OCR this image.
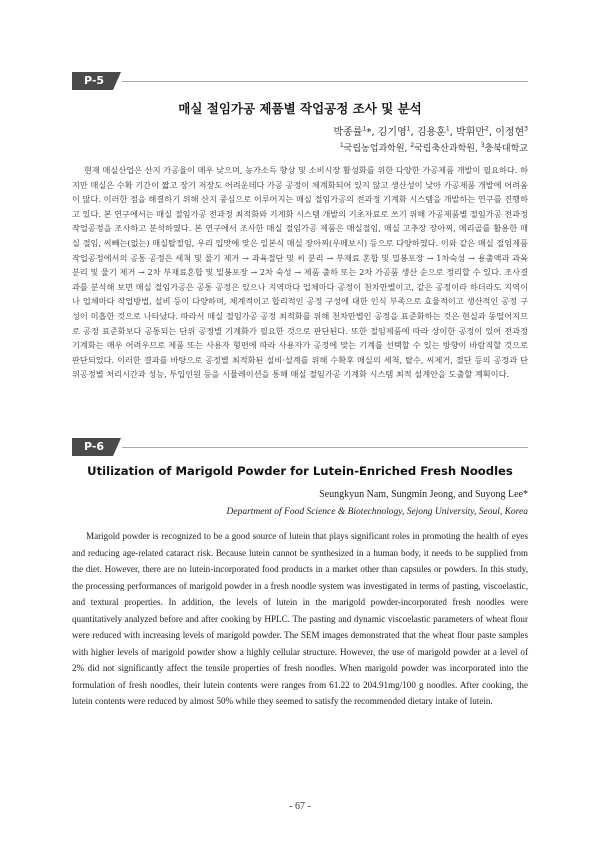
P-5
매실 절임가공 제품별 작업공정 조사 및 분석
박종률$^1$*, 김기영$^1$, 김용훈$^1$, 박휘만$^2$, 이정현$^3$
$^1$국립농업과학원, $^2$국립축산과학원, $^3$충북대학교

현재 매실산업은 산지 가공율이 매우 낮으며, 농가소득 향상 및 소비시장 활성화를 위한 다양한 가공제품 개발이 필요하다. 하지만 매실은 수확 기간이 짧고 장기 저장도 어려운데다 가공 공정이 체계화되어 있지 않고 생산성이 낮아 가공제품 개발에 어려움이 많다. 이러한 점을 해결하기 위해 산지 중심으로 이루어지는 매실 절임가공의 전과정 기계화 시스템을 개발하는 연구를 진행하고 있다. 본 연구에서는 매실 절임가공 전과정 최적화와 기계화 시스템 개발의 기초자료로 쓰기 위해 가공제품별 절임가공 전과정 작업공정을 조사하고 분석하였다. 본 연구에서 조사한 매실 절임가공 제품은 매실절임, 매실 고추장 장아찌, 메리골를 활용한 매실 절임, 씨빼는(없는) 매실탈절임, 우리 입맛에 맞은 일본식 매실 장아찌(우메보시) 등으로 다양하였다. 이와 같은 매실 절임제품 작업공정에서의 공통 공정은 세척 및 물기 제거 → 과육절단 및 씨 분리 → 부재료 혼합 및 밀봉포장 → 1차숙성 → 용출액과 과육분리 및 물기 제거 → 2차 부재료혼합 및 밀봉포장 → 2차 숙성 → 제품 출하 또는 2차 가공품 생산 순으로 정리할 수 있다. 조사결과를 분석해 보면 매실 절임가공은 공통 공정은 있으나 지역마다 업체마다 공정이 천차만별이고, 같은 공정이라 하더라도 지역이나 업체마다 작업방법, 설비 등이 다양하며, 체계적이고 합리적인 공정 구성에 대한 인식 부족으로 효율적이고 생산적인 공정 구성이 미흡한 것으로 나타났다. 따라서 매실 절임가공 공정 최적화를 위해 천차만별인 공정을 표준화하는 것은 현실과 동떨어지므로 공정 표준화보다 공통되는 단위 공정별 기계화가 필요한 것으로 판단된다. 또한 절임제품에 따라 상이한 공정이 있어 전과정 기계화는 매우 어려우므로 제품 또는 사용자 형편에 따라 사용자가 공정에 맞는 기계를 선택할 수 있는 방향이 바람직할 것으로 판단되었다. 이러한 결과를 바탕으로 공정별 최적화된 설비·설계를 위해 수확후 매실의 세척, 탈수, 씨제거, 절단 등의 공정과 단위공정별 처리시간과 성능, 투입인원 등을 시뮬레이션을 통해 매실 절임가공 기계화 시스템 최적 설계안을 도출할 계획이다.

P-6
Utilization of Marigold Powder for Lutein-Enriched Fresh Noodles
Seungkyun Nam, Sungmin Jeong, and Suyong Lee*
Department of Food Science & Biotechnology, Sejong University, Seoul, Korea

Marigold powder is recognized to be a good source of lutein that plays significant roles in promoting the health of eyes and reducing age-related cataract risk. Because lutein cannot be synthesized in a human body, it needs to be supplied from the diet. However, there are no lutein-incorporated food products in a market other than capsules or powders. In this study, the processing performances of marigold powder in a fresh noodle system was investigated in terms of pasting, viscoelastic, and textural properties. In addition, the levels of lutein in the marigold powder-incorporated fresh noodles were quantitatively analyzed before and after cooking by HPLC. The pasting and dynamic viscoelastic parameters of wheat flour were reduced with increasing levels of marigold powder. The SEM images demonstrated that the wheat flour paste samples with higher levels of marigold powder show a highly cellular structure. However, the use of marigold powder at a level of 2% did not significantly affect the tensile properties of fresh noodles. When marigold powder was incorporated into the formulation of fresh noodles, their lutein contents were ranges from 61.22 to 204.91mg/100 g noodles. After cooking, the lutein contents were reduced by almost 50% while they seemed to satisfy the recommended dietary intake of lutein.

- 67 -
